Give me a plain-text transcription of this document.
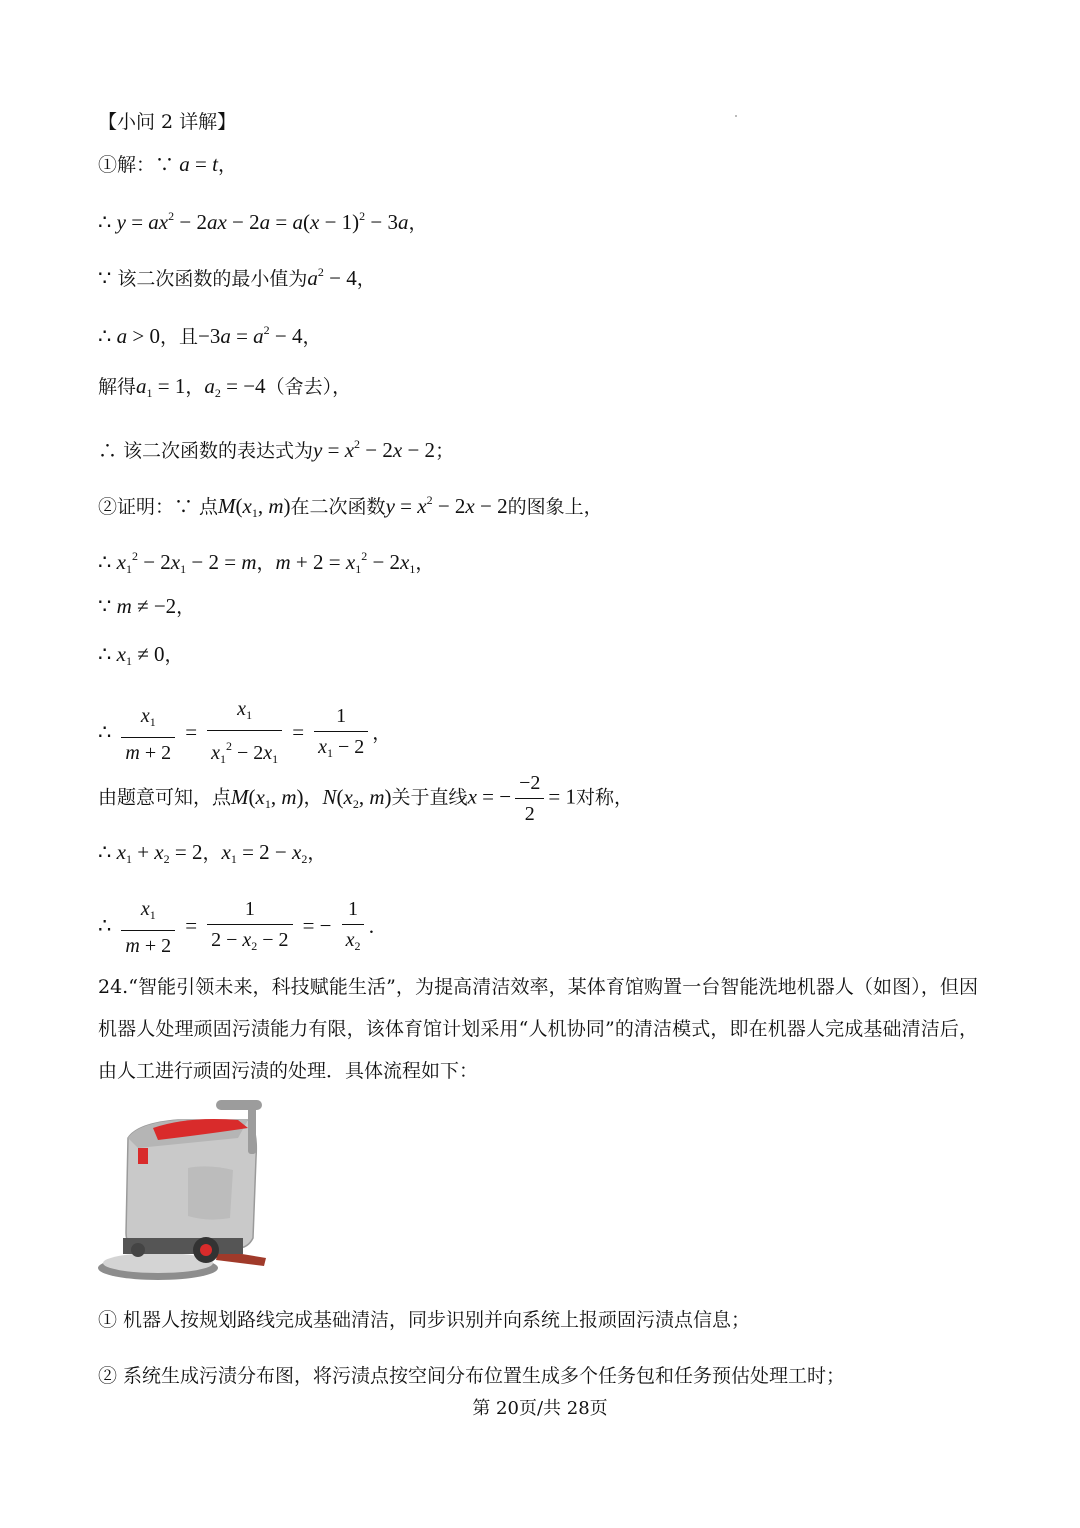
【小问 2 详解】
①解：∵ a = t，
∴ $y = ax^2 - 2ax - 2a = a(x - 1)^2 - 3a$，
∵ 该二次函数的最小值为$a^2 - 4$，
∴ a > 0，且$-3a = a^2 - 4$，
解得$a_1 = 1$，$a_2 = -4$（舍去），
∴ 该二次函数的表达式为$y = x^2 - 2x - 2$；
②证明：∵ 点$M(x_1$, m)在二次函数$y = x^2 - 2x - 2$的图象上，
∴ $x_1^2 - 2x_1 - 2 = m$，$m + 2 = x_1^2 - 2x_1$，
∵ m ≠ −2，
∴ $x_1 \ne 0$，
∴ $\frac{x_1}{m + 2} = \frac{x_1}{x_1^2 - 2x_1} = \frac{1}{x_1 - 2}$ ，
由题意可知，点$M(x_1$, m)，$N(x_2$, m)关于直线x = − $\frac{-2}{2} = 1$对称，
∴ $x_1 + x_2 = 2$，$x_1 = 2 - x_2$，
∴ $\frac{x_1}{m + 2} = \frac{1}{2 - x_2 - 2}$ = − $\frac{1}{x_2}$ ．
24.“智能引领未来，科技赋能生活”，为提高清洁效率，某体育馆购置一台智能洗地机器人（如图），但因机器人处理顽固污渍能力有限，该体育馆计划采用“人机协同”的清洁模式，即在机器人完成基础清洁后，由人工进行顽固污渍的处理．具体流程如下：
① 机器人按规划路线完成基础清洁，同步识别并向系统上报顽固污渍点信息；
② 系统生成污渍分布图，将污渍点按空间分布位置生成多个任务包和任务预估处理工时；
第 20页/共 28页
